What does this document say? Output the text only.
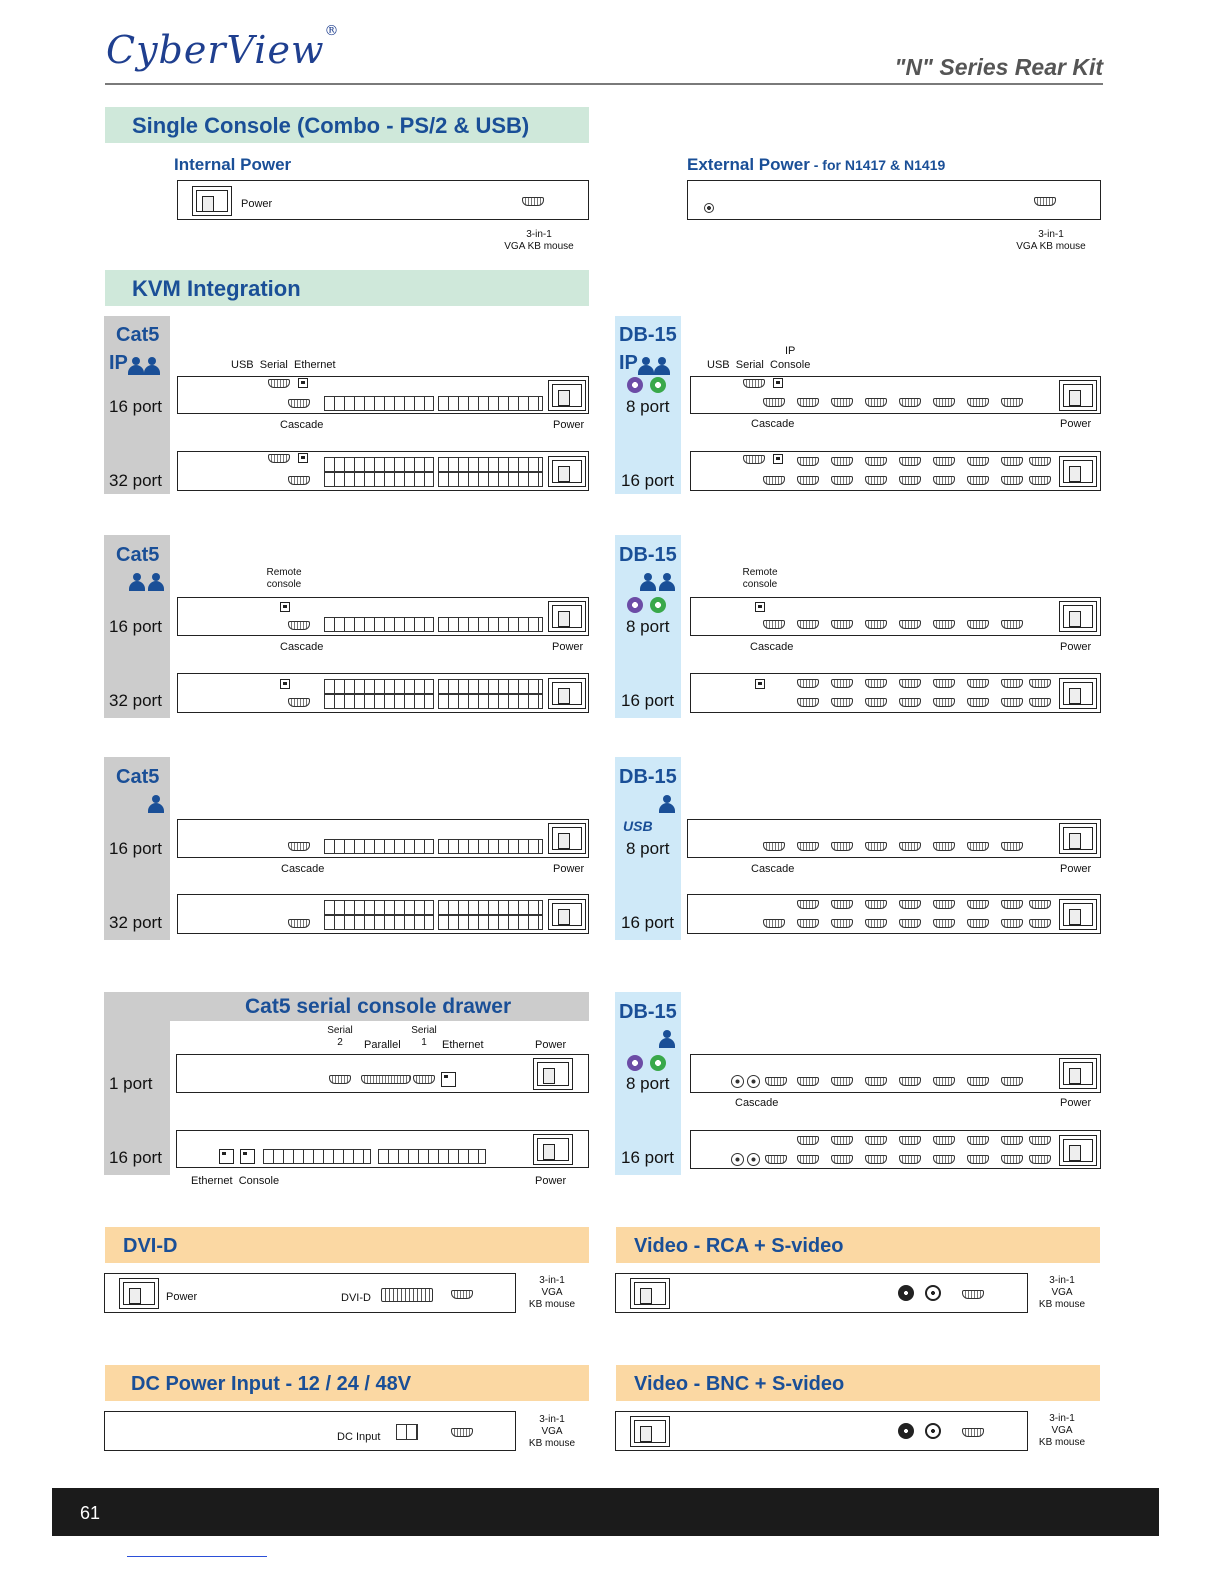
CyberView®
"N" Series Rear Kit
Single Console (Combo - PS/2 & USB)
Internal Power
Power
3-in-1
VGA KB mouse
External Power - for N1417 & N1419
3-in-1
VGA KB mouse
KVM Integration
Cat5
IP
16 port
32 port
USB Serial Ethernet
Cascade	Power
DB-15
IP
8 port
16 port
IP
USB Serial Console
Cascade	Power
Cat5
16 port
32 port
Remote
console
Cascade	Power
DB-15
8 port
16 port
Remote
console
Cascade	Power
Cat5
16 port
32 port
Cascade	Power
DB-15
USB
8 port
16 port
Cascade	Power
Cat5 serial console drawer
1 port
16 port
Serial
2	Parallel
Serial
1	Ethernet	Power
Ethernet Console	Power
DB-15
8 port
16 port
Cascade	Power
DVI-D
Power	DVI-D
3-in-1
VGA
KB mouse
Video - RCA + S-video
3-in-1
VGA
KB mouse
DC Power Input - 12 / 24 / 48V
DC Input
3-in-1
VGA
KB mouse
Video - BNC + S-video
3-in-1
VGA
KB mouse
61
